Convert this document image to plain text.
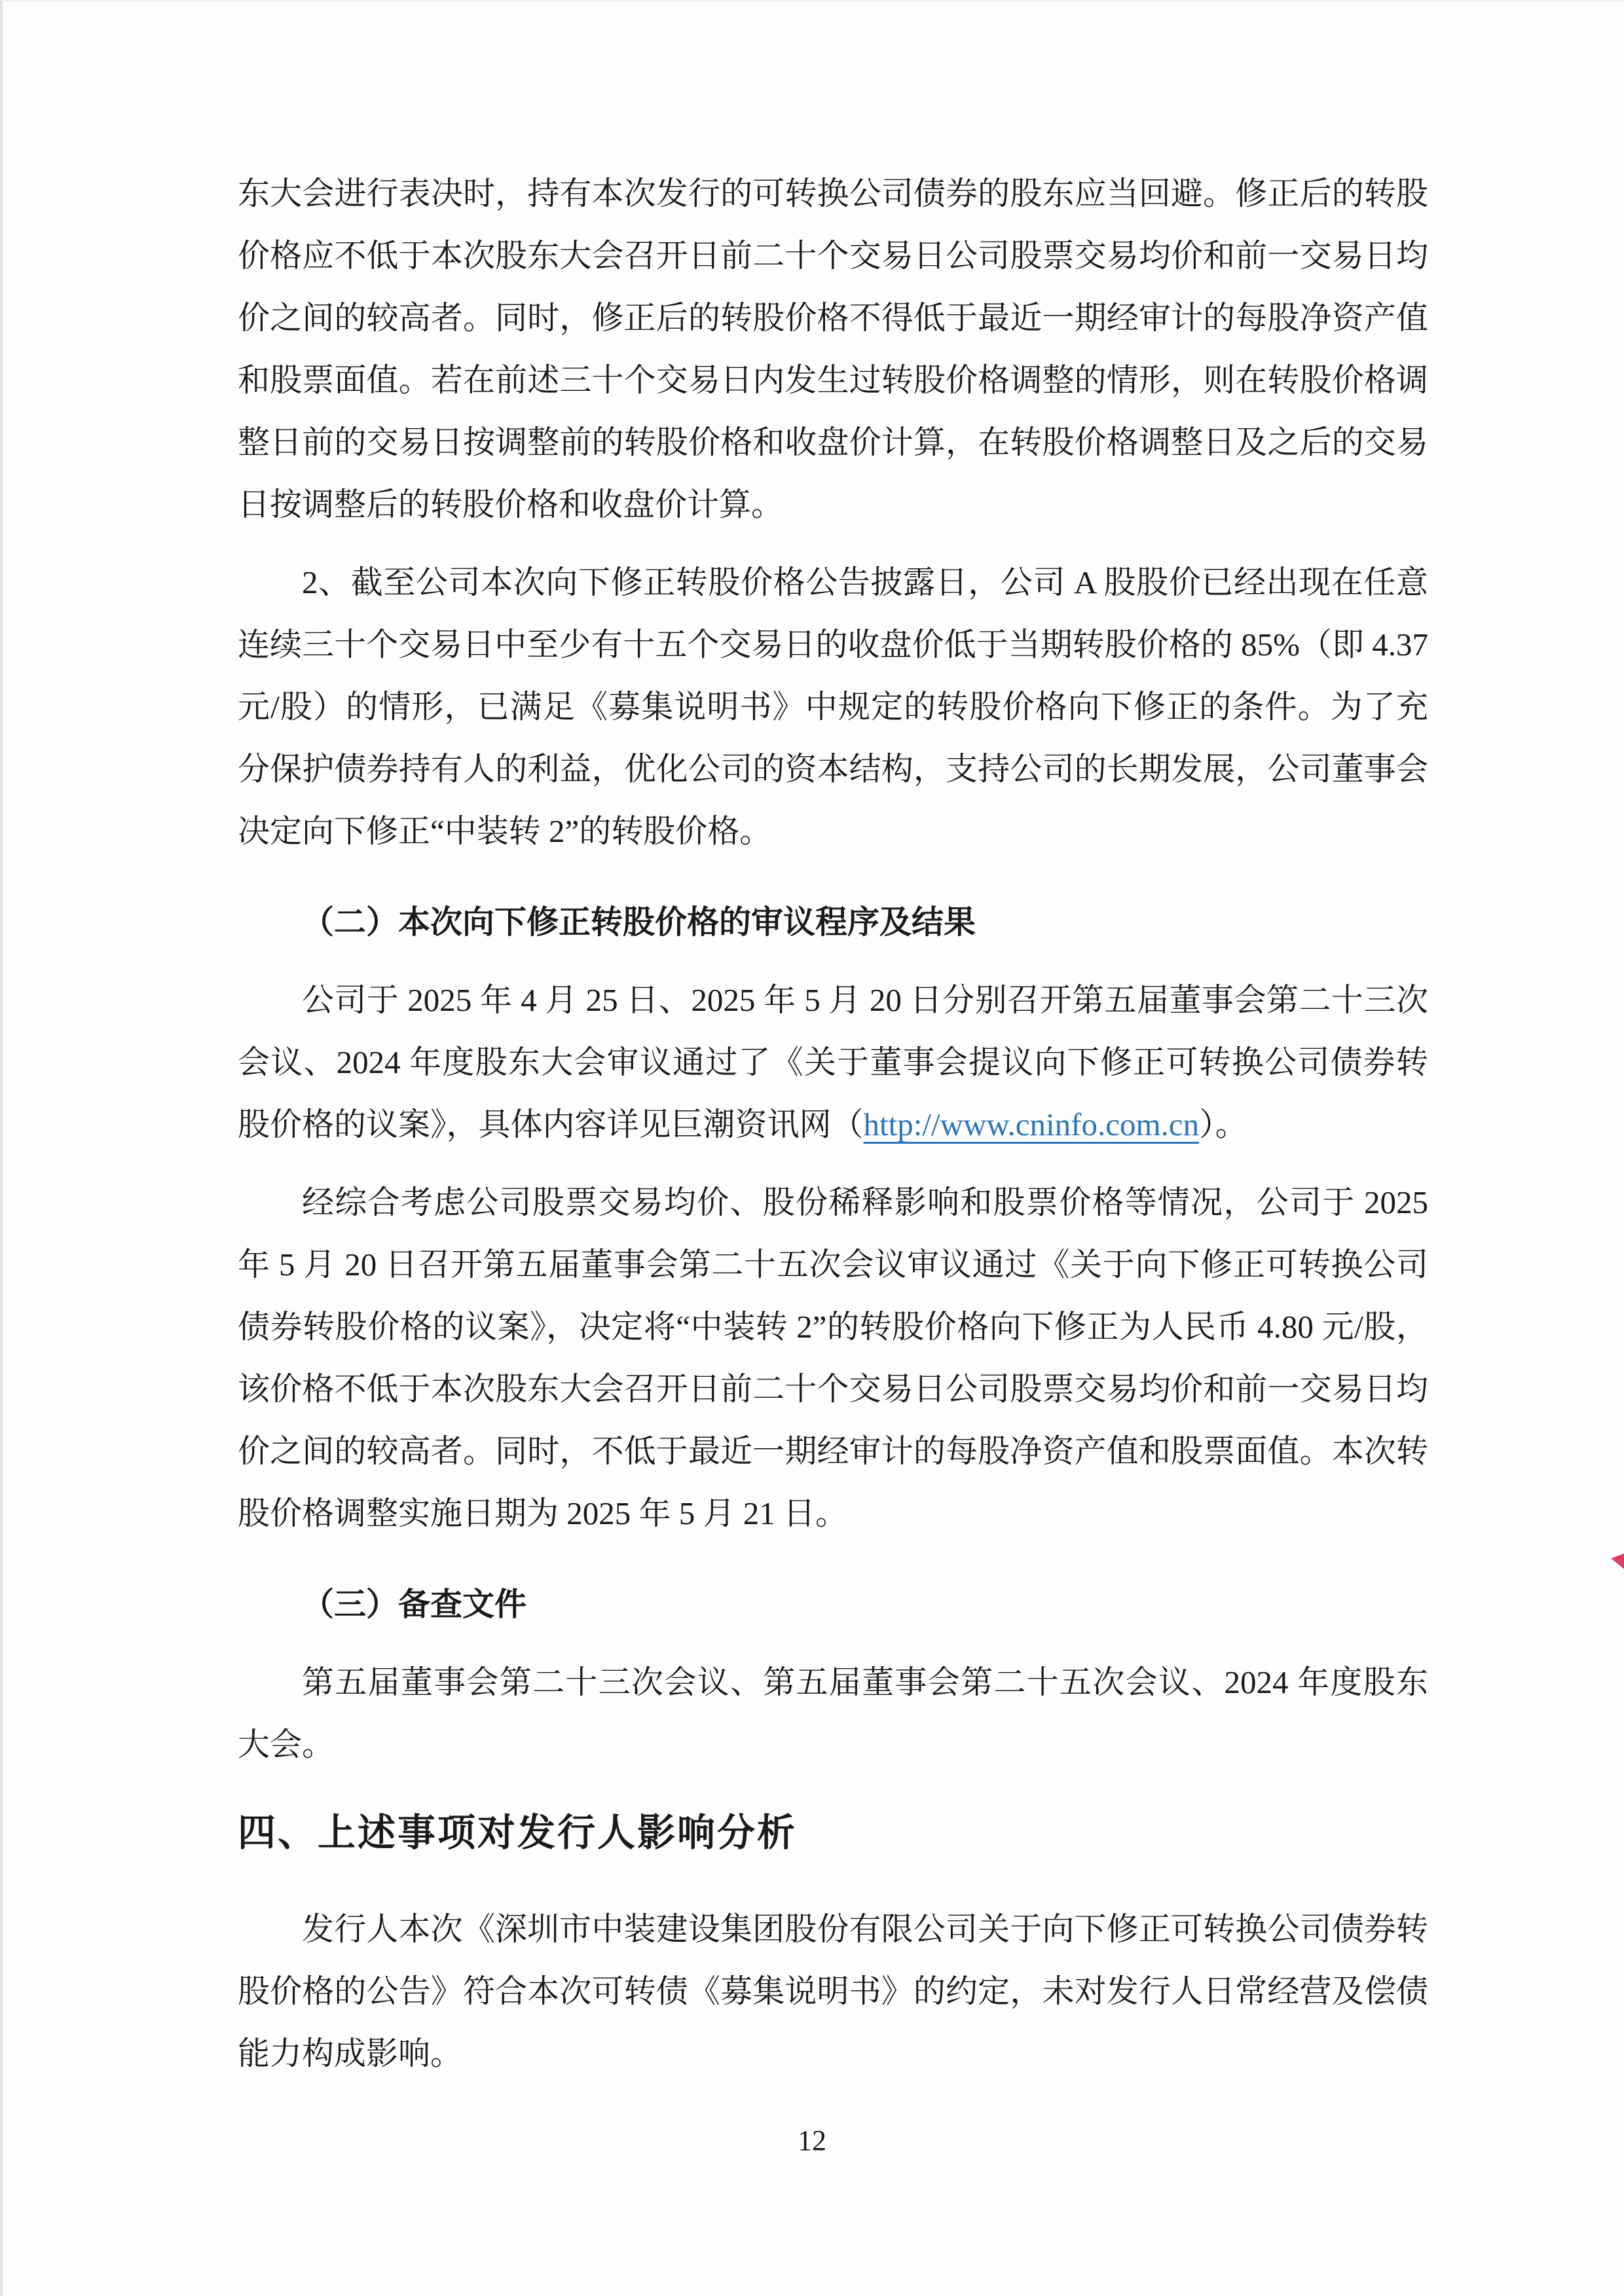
东大会进行表决时，持有本次发行的可转换公司债券的股东应当回避。修正后的转股价格应不低于本次股东大会召开日前二十个交易日公司股票交易均价和前一交易日均价之间的较高者。同时，修正后的转股价格不得低于最近一期经审计的每股净资产值和股票面值。若在前述三十个交易日内发生过转股价格调整的情形，则在转股价格调整日前的交易日按调整前的转股价格和收盘价计算，在转股价格调整日及之后的交易日按调整后的转股价格和收盘价计算。

2、截至公司本次向下修正转股价格公告披露日，公司 A 股股价已经出现在任意连续三十个交易日中至少有十五个交易日的收盘价低于当期转股价格的 85%（即 4.37 元/股）的情形，已满足《募集说明书》中规定的转股价格向下修正的条件。为了充分保护债券持有人的利益，优化公司的资本结构，支持公司的长期发展，公司董事会决定向下修正“中装转 2”的转股价格。

（二）本次向下修正转股价格的审议程序及结果

公司于 2025 年 4 月 25 日、2025 年 5 月 20 日分别召开第五届董事会第二十三次会议、2024 年度股东大会审议通过了《关于董事会提议向下修正可转换公司债券转股价格的议案》，具体内容详见巨潮资讯网（http://www.cninfo.com.cn）。

经综合考虑公司股票交易均价、股份稀释影响和股票价格等情况，公司于 2025 年 5 月 20 日召开第五届董事会第二十五次会议审议通过《关于向下修正可转换公司债券转股价格的议案》，决定将“中装转 2”的转股价格向下修正为人民币 4.80 元/股，该价格不低于本次股东大会召开日前二十个交易日公司股票交易均价和前一交易日均价之间的较高者。同时，不低于最近一期经审计的每股净资产值和股票面值。本次转股价格调整实施日期为 2025 年 5 月 21 日。

（三）备查文件

第五届董事会第二十三次会议、第五届董事会第二十五次会议、2024 年度股东大会。

四、上述事项对发行人影响分析

发行人本次《深圳市中装建设集团股份有限公司关于向下修正可转换公司债券转股价格的公告》符合本次可转债《募集说明书》的约定，未对发行人日常经营及偿债能力构成影响。

12
